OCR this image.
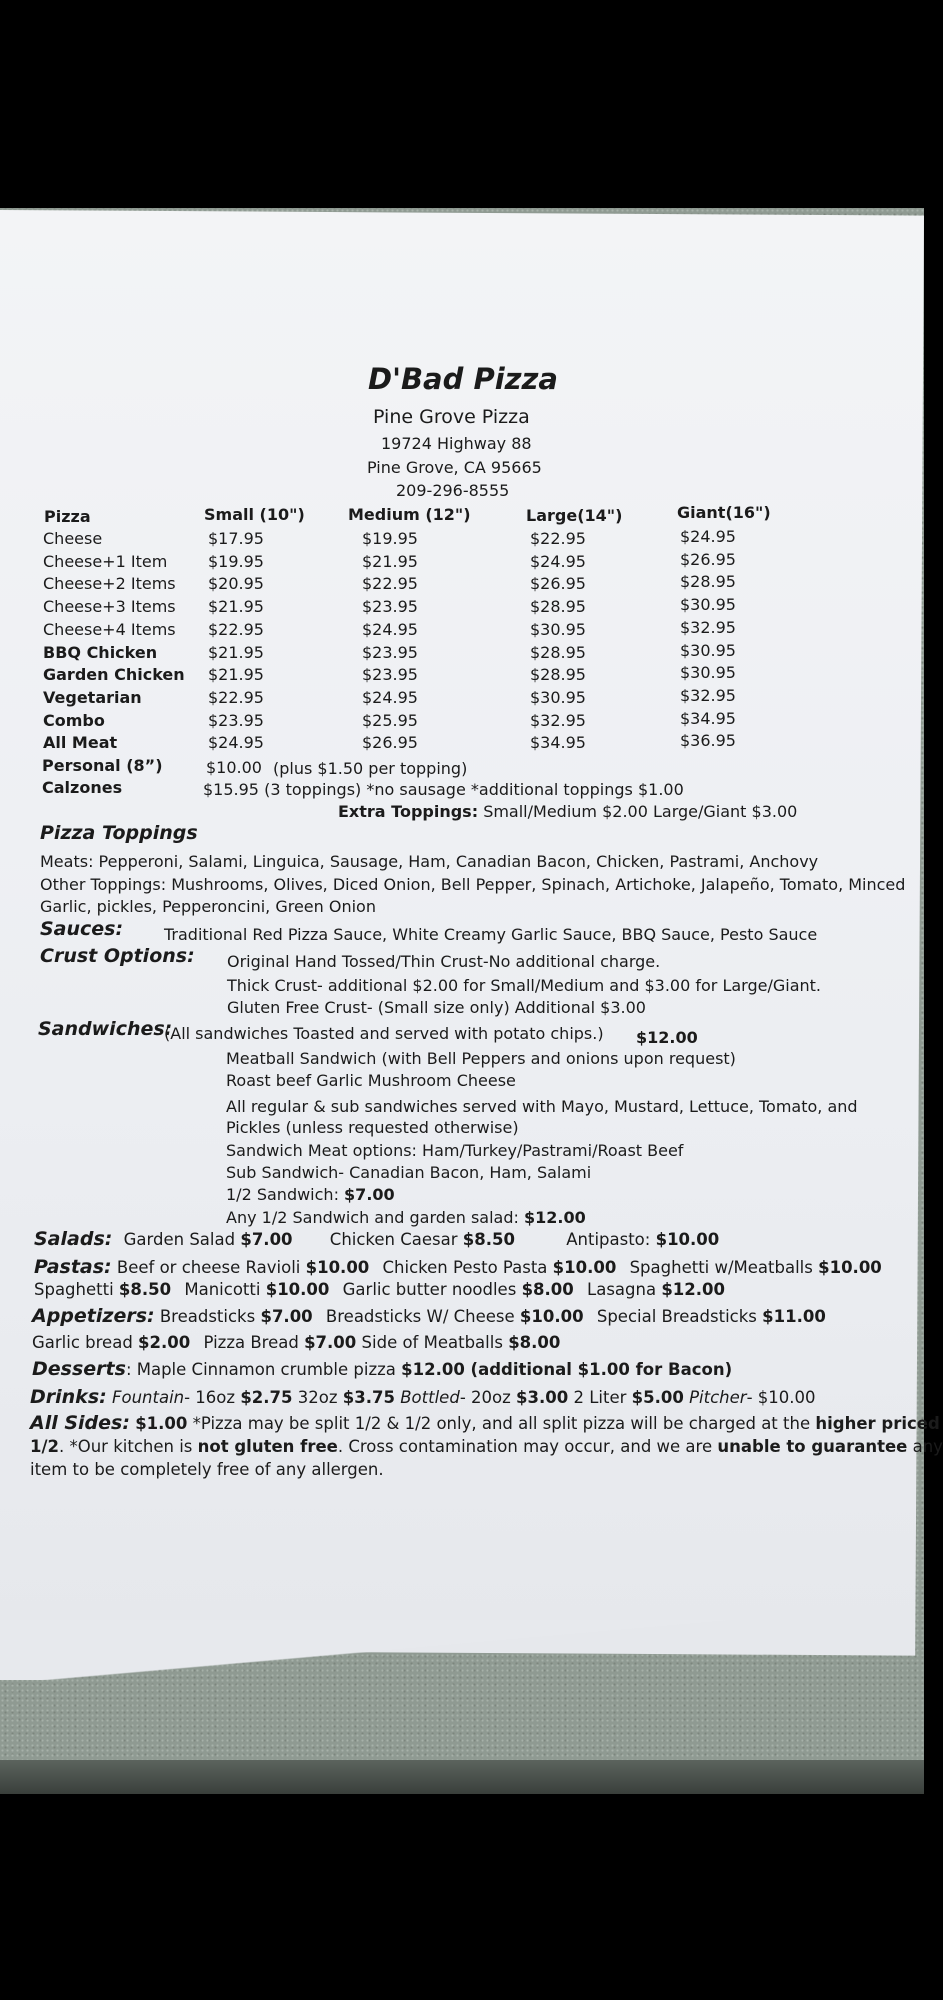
D'Bad Pizza
Pine Grove Pizza
19724 Highway 88
Pine Grove, CA 95665
209-296-8555
Pizza	Small (10")	Medium (12")	Large(14")	Giant(16")
Cheese	$17.95	$19.95	$22.95	$24.95
Cheese+1 Item	$19.95	$21.95	$24.95	$26.95
Cheese+2 Items $20.95	$22.95	$26.95	$28.95
Cheese+3 Items $21.95	$23.95	$28.95	$30.95
Cheese+4 Items $22.95	$24.95	$30.95	$32.95
BBQ Chicken	$21.95	$23.95	$28.95	$30.95
Garden Chicken $21.95	$23.95	$28.95	$30.95
Vegetarian	$22.95	$24.95	$30.95	$32.95
Combo	$23.95	$25.95	$32.95	$34.95
All Meat	$24.95	$26.95	$34.95	$36.95
Personal (8”)	$10.00 (plus $1.50 per topping)
Calzones	$15.95 (3 toppings) *no sausage *additional toppings $1.00
Extra Toppings: Small/Medium $2.00 Large/Giant $3.00
Pizza Toppings
Meats: Pepperoni, Salami, Linguica, Sausage, Ham, Canadian Bacon, Chicken, Pastrami, Anchovy
Other Toppings: Mushrooms, Olives, Diced Onion, Bell Pepper, Spinach, Artichoke, Jalapeño, Tomato, Minced
Garlic, pickles, Pepperoncini, Green Onion
Sauces:	Traditional Red Pizza Sauce, White Creamy Garlic Sauce, BBQ Sauce, Pesto Sauce
Crust Options: Original Hand Tossed/Thin Crust-No additional charge.
Thick Crust- additional $2.00 for Small/Medium and $3.00 for Large/Giant.
Gluten Free Crust- (Small size only) Additional $3.00
Sandwiches:
(All sandwiches Toasted and served with potato chips.) $12.00
Meatball Sandwich (with Bell Peppers and onions upon request)
Roast beef Garlic Mushroom Cheese
All regular & sub sandwiches served with Mayo, Mustard, Lettuce, Tomato, and
Pickles (unless requested otherwise)
Sandwich Meat options: Ham/Turkey/Pastrami/Roast Beef
Sub Sandwich- Canadian Bacon, Ham, Salami
1/2 Sandwich: $7.00
Any 1/2 Sandwich and garden salad: $12.00
Salads: Garden Salad $7.00 Chicken Caesar $8.50	Antipasto: $10.00
Pastas: Beef or cheese Ravioli $10.00 Chicken Pesto Pasta $10.00 Spaghetti w/Meatballs $10.00
Spaghetti $8.50 Manicotti $10.00 Garlic butter noodles $8.00 Lasagna $12.00
Appetizers: Breadsticks $7.00 Breadsticks W/ Cheese $10.00 Special Breadsticks $11.00
Garlic bread $2.00 Pizza Bread $7.00 Side of Meatballs $8.00
Desserts: Maple Cinnamon crumble pizza $12.00 (additional $1.00 for Bacon)
Drinks: Fountain- 16oz $2.75 32oz $3.75 Bottled- 20oz $3.00 2 Liter $5.00 Pitcher- $10.00
All Sides: $1.00 *Pizza may be split 1/2 & 1/2 only, and all split pizza will be charged at the higher priced
1/2. *Our kitchen is not gluten free. Cross contamination may occur, and we are unable to guarantee any
item to be completely free of any allergen.
